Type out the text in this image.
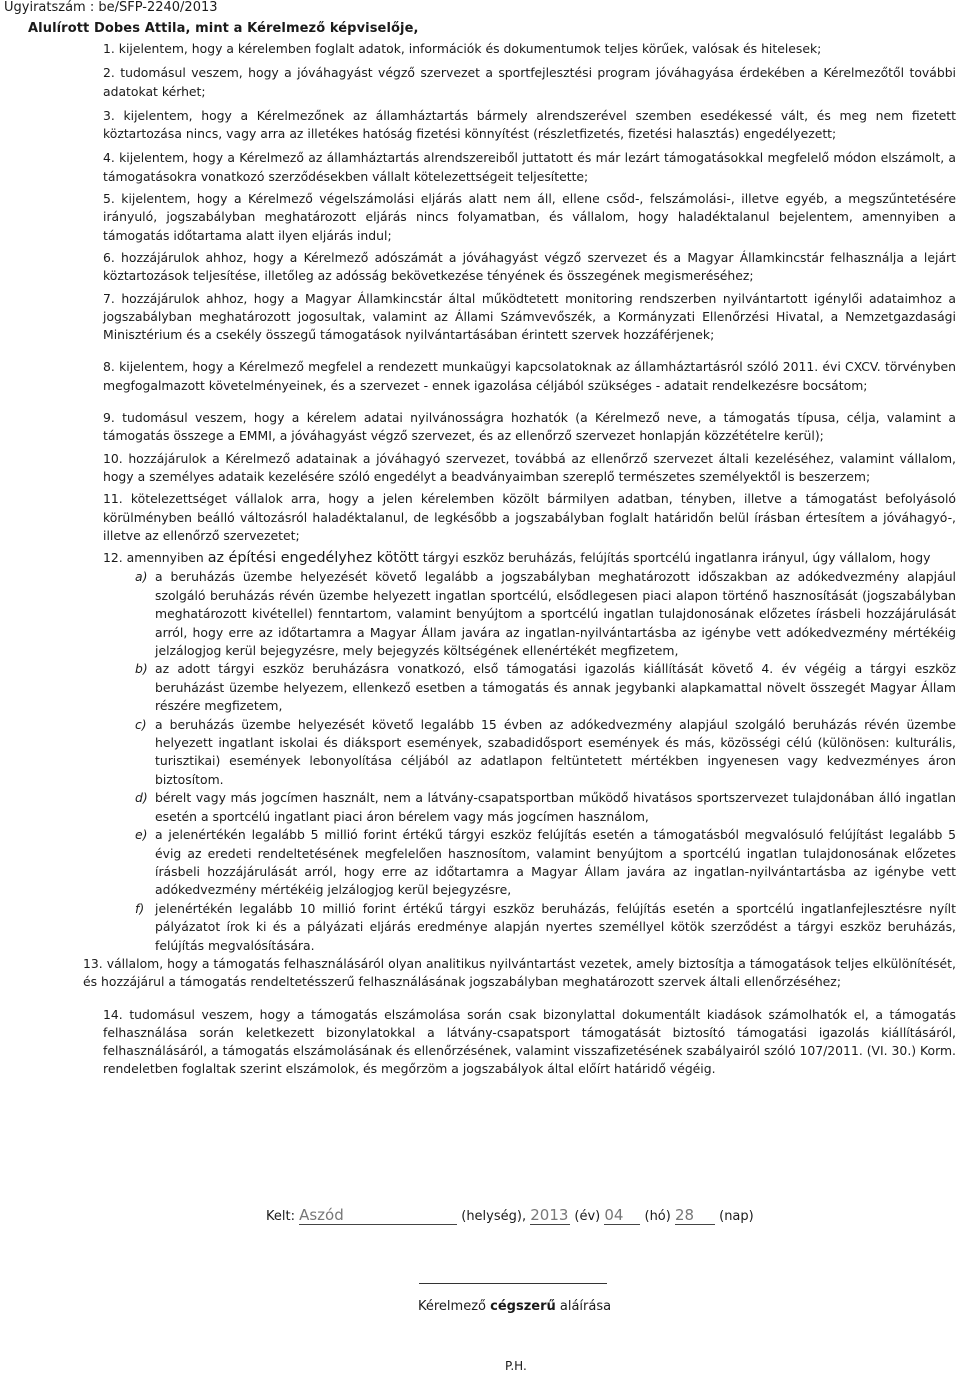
Ügyiratszám : be/SFP-2240/2013
Alulírott Dobes Attila, mint a Kérelmező képviselője,
1. kijelentem, hogy a kérelemben foglalt adatok, információk és dokumentumok teljes körűek, valósak és hitelesek;
2. tudomásul veszem, hogy a jóváhagyást végző szervezet a sportfejlesztési program jóváhagyása érdekében a Kérelmezőtől további adatokat kérhet;
3. kijelentem, hogy a Kérelmezőnek az államháztartás bármely alrendszerével szemben esedékessé vált, és meg nem fizetett köztartozása nincs, vagy arra az illetékes hatóság fizetési könnyítést (részletfizetés, fizetési halasztás) engedélyezett;
4. kijelentem, hogy a Kérelmező az államháztartás alrendszereiből juttatott és már lezárt támogatásokkal megfelelő módon elszámolt, a támogatásokra vonatkozó szerződésekben vállalt kötelezettségeit teljesítette;
5. kijelentem, hogy a Kérelmező végelszámolási eljárás alatt nem áll, ellene csőd-, felszámolási-, illetve egyéb, a megszűntetésére irányuló, jogszabályban meghatározott eljárás nincs folyamatban, és vállalom, hogy haladéktalanul bejelentem, amennyiben a támogatás időtartama alatt ilyen eljárás indul;
6. hozzájárulok ahhoz, hogy a Kérelmező adószámát a jóváhagyást végző szervezet és a Magyar Államkincstár felhasználja a lejárt köztartozások teljesítése, illetőleg az adósság bekövetkezése tényének és összegének megismeréséhez;
7. hozzájárulok ahhoz, hogy a Magyar Államkincstár által működtetett monitoring rendszerben nyilvántartott igénylői adataimhoz a jogszabályban meghatározott jogosultak, valamint az Állami Számvevőszék, a Kormányzati Ellenőrzési Hivatal, a Nemzetgazdasági Minisztérium és a csekély összegű támogatások nyilvántartásában érintett szervek hozzáférjenek;
8. kijelentem, hogy a Kérelmező megfelel a rendezett munkaügyi kapcsolatoknak az államháztartásról szóló 2011. évi CXCV. törvényben megfogalmazott követelményeinek, és a szervezet - ennek igazolása céljából szükséges - adatait rendelkezésre bocsátom;
9. tudomásul veszem, hogy a kérelem adatai nyilvánosságra hozhatók (a Kérelmező neve, a támogatás típusa, célja, valamint a támogatás összege a EMMI, a jóváhagyást végző szervezet, és az ellenőrző szervezet honlapján közzétételre kerül);
10. hozzájárulok a Kérelmező adatainak a jóváhagyó szervezet, továbbá az ellenőrző szervezet általi kezeléséhez, valamint vállalom, hogy a személyes adataik kezelésére szóló engedélyt a beadványaimban szereplő természetes személyektől is beszerzem;
11. kötelezettséget vállalok arra, hogy a jelen kérelemben közölt bármilyen adatban, tényben, illetve a támogatást befolyásoló körülményben beálló változásról haladéktalanul, de legkésőbb a jogszabályban foglalt határidőn belül írásban értesítem a jóváhagyó-, illetve az ellenőrző szervezetet;
12. amennyiben az építési engedélyhez kötött tárgyi eszköz beruházás, felújítás sportcélú ingatlanra irányul, úgy vállalom, hogy
a) a beruházás üzembe helyezését követő legalább a jogszabályban meghatározott időszakban az adókedvezmény alapjául szolgáló beruházás révén üzembe helyezett ingatlan sportcélú, elsődlegesen piaci alapon történő hasznosítását (jogszabályban meghatározott kivétellel) fenntartom, valamint benyújtom a sportcélú ingatlan tulajdonosának előzetes írásbeli hozzájárulását arról, hogy erre az időtartamra a Magyar Állam javára az ingatlan-nyilvántartásba az igénybe vett adókedvezmény mértékéig jelzálogjog kerül bejegyzésre, mely bejegyzés költségének ellenértékét megfizetem,
b) az adott tárgyi eszköz beruházásra vonatkozó, első támogatási igazolás kiállítását követő 4. év végéig a tárgyi eszköz beruházást üzembe helyezem, ellenkező esetben a támogatás és annak jegybanki alapkamattal növelt összegét Magyar Állam részére megfizetem,
c) a beruházás üzembe helyezését követő legalább 15 évben az adókedvezmény alapjául szolgáló beruházás révén üzembe helyezett ingatlant iskolai és diáksport események, szabadidősport események és más, közösségi célú (különösen: kulturális, turisztikai) események lebonyolítása céljából az adatlapon feltüntetett mértékben ingyenesen vagy kedvezményes áron biztosítom.
d) bérelt vagy más jogcímen használt, nem a látvány-csapatsportban működő hivatásos sportszervezet tulajdonában álló ingatlan esetén a sportcélú ingatlant piaci áron bérelem vagy más jogcímen használom,
e) a jelenértékén legalább 5 millió forint értékű tárgyi eszköz felújítás esetén a támogatásból megvalósuló felújítást legalább 5 évig az eredeti rendeltetésének megfelelően hasznosítom, valamint benyújtom a sportcélú ingatlan tulajdonosának előzetes írásbeli hozzájárulását arról, hogy erre az időtartamra a Magyar Állam javára az ingatlan-nyilvántartásba az igénybe vett adókedvezmény mértékéig jelzálogjog kerül bejegyzésre,
f) jelenértékén legalább 10 millió forint értékű tárgyi eszköz beruházás, felújítás esetén a sportcélú ingatlanfejlesztésre nyílt pályázatot írok ki és a pályázati eljárás eredménye alapján nyertes személlyel kötök szerződést a tárgyi eszköz beruházás, felújítás megvalósítására.
13. vállalom, hogy a támogatás felhasználásáról olyan analitikus nyilvántartást vezetek, amely biztosítja a támogatások teljes elkülönítését, és hozzájárul a támogatás rendeltetésszerű felhasználásának jogszabályban meghatározott szervek általi ellenőrzéséhez;
14. tudomásul veszem, hogy a támogatás elszámolása során csak bizonylattal dokumentált kiadások számolhatók el, a támogatás felhasználása során keletkezett bizonylatokkal a látvány-csapatsport támogatását biztosító támogatási igazolás kiállításáról, felhasználásáról, a támogatás elszámolásának és ellenőrzésének, valamint visszafizetésének szabályairól szóló 107/2011. (VI. 30.) Korm. rendeletben foglaltak szerint elszámolok, és megőrzöm a jogszabályok által előírt határidő végéig.
Kelt: Aszód	(helység), 2013 (év) 04 (hó) 28 (nap)
Kérelmező cégszerű aláírása
P.H.
